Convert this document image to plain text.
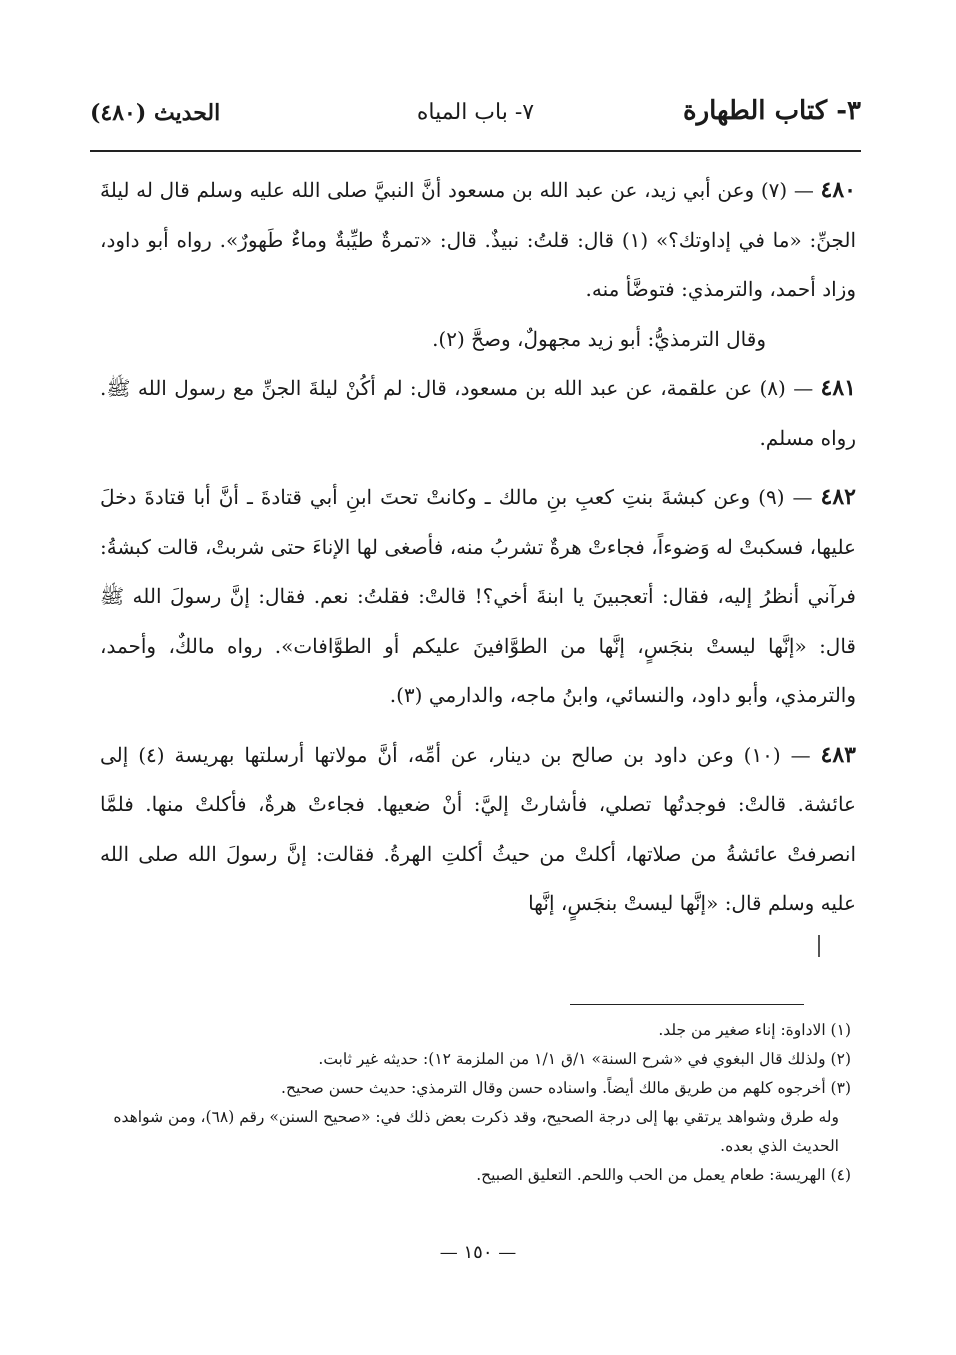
٣- كتاب الطهارة
٧- باب المياه
الحديث (٤٨٠)

٤٨٠ — (٧) وعن أبي زيد، عن عبد الله بن مسعود أنَّ النبيَّ صلى الله عليه وسلم قال له ليلةَ الجنِّ: «ما في إداوتك؟» (١) قال: قلتُ: نبيذٌ. قال: «تمرةٌ طيِّبةٌ وماءٌ طَهورٌ». رواه أبو داود، وزاد أحمد، والترمذي: فتوضَّأ منه.

وقال الترمذيُّ: أبو زيد مجهولٌ، وصحَّ (٢).

٤٨١ — (٨) عن علقمة، عن عبد الله بن مسعود، قال: لم أكُنْ ليلةَ الجنِّ مع رسول الله ﷺ. رواه مسلم.

٤٨٢ — (٩) وعن كبشةَ بنتِ كعبِ بنِ مالك ـ وكانتْ تحتَ ابنِ أبي قتادةَ ـ أنَّ أبا قتادةَ دخلَ عليها، فسكبتْ له وَضوءاً، فجاءتْ هرةٌ تشربُ منه، فأصغى لها الإناءَ حتى شربتْ، قالت كبشةُ: فرآني أنظرُ إليه، فقال: أتعجبينَ يا ابنةَ أخي؟! قالتْ: فقلتُ: نعم. فقال: إنَّ رسولَ الله ﷺ قال: «إنَّها ليستْ بنجَسٍ، إنَّها من الطوَّافينَ عليكم أو الطوَّافات». رواه مالكٌ، وأحمد، والترمذي، وأبو داود، والنسائي، وابنُ ماجه، والدارمي (٣).

٤٨٣ — (١٠) وعن داود بن صالح بن دينار، عن أمِّه، أنَّ مولاتها أرسلتها بهريسة (٤) إلى عائشة. قالتْ: فوجدتُها تصلي، فأشارتْ إليَّ: أنْ ضعيها. فجاءتْ هرةٌ، فأكلتْ منها. فلمَّا انصرفتْ عائشةُ من صلاتها، أكلتْ من حيثُ أكلتِ الهرةُ. فقالت: إنَّ رسولَ الله صلى الله عليه وسلم قال: «إنَّها ليستْ بنجَسٍ، إنَّها

(١) الاداوة: إناء صغير من جلد.

(٢) ولذلك قال البغوي في «شرح السنة» ١/ق ١/١ من الملزمة ١٢): حديثه غير ثابت.

(٣) أخرجوه كلهم من طريق مالك أيضاً. واسناده حسن وقال الترمذي: حديث حسن صحيح.

وله طرق وشواهد يرتقي بها إلى درجة الصحيح، وقد ذكرت بعض ذلك في: «صحيح السنن» رقم (٦٨)، ومن شواهده الحديث الذي بعده.

(٤) الهريسة: طعام يعمل من الحب واللحم. التعليق الصبيح.

— ١٥٠ —
